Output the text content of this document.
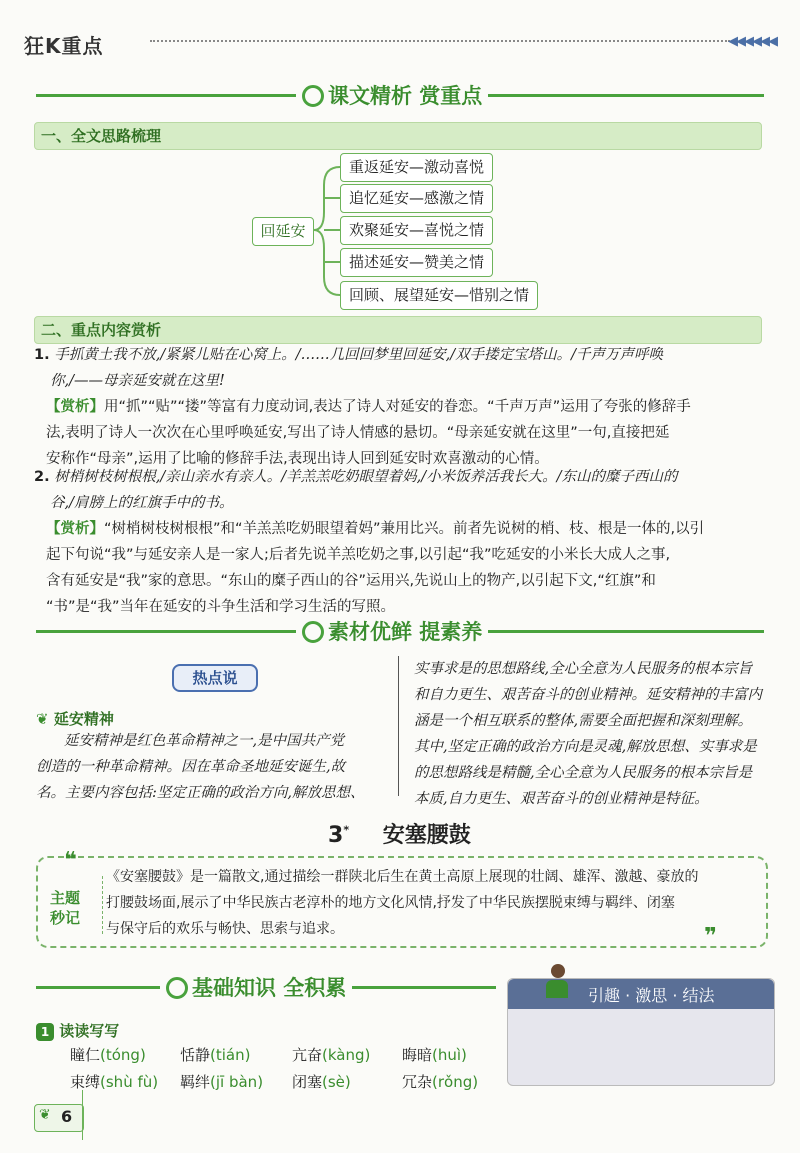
狂K重点	◀◀◀◀◀◀
课文精析 赏重点
一、全文思路梳理
回延安
重返延安—激动喜悦
追忆延安—感激之情
欢聚延安—喜悦之情
描述延安—赞美之情
回顾、展望延安—惜别之情
二、重点内容赏析
1. 手抓黄土我不放,/紧紧儿贴在心窝上。/……几回回梦里回延安,/双手搂定宝塔山。/千声万声呼唤
你,/——母亲延安就在这里!
【赏析】用“抓”“贴”“搂”等富有力度动词,表达了诗人对延安的眷恋。“千声万声”运用了夸张的修辞手
法,表明了诗人一次次在心里呼唤延安,写出了诗人情感的悬切。“母亲延安就在这里”一句,直接把延
安称作“母亲”,运用了比喻的修辞手法,表现出诗人回到延安时欢喜激动的心情。
2. 树梢树枝树根根,/亲山亲水有亲人。/羊羔羔吃奶眼望着妈,/小米饭养活我长大。/东山的糜子西山的
谷,/肩膀上的红旗手中的书。
【赏析】“树梢树枝树根根”和“羊羔羔吃奶眼望着妈”兼用比兴。前者先说树的梢、枝、根是一体的,以引
起下句说“我”与延安亲人是一家人;后者先说羊羔吃奶之事,以引起“我”吃延安的小米长大成人之事,
含有延安是“我”家的意思。“东山的糜子西山的谷”运用兴,先说山上的物产,以引起下文,“红旗”和
“书”是“我”当年在延安的斗争生活和学习生活的写照。
素材优鲜 提素养
热点说
❦ 延安精神
延安精神是红色革命精神之一,是中国共产党
创造的一种革命精神。因在革命圣地延安诞生,故
名。主要内容包括:坚定正确的政治方向,解放思想、
实事求是的思想路线,全心全意为人民服务的根本宗旨
和自力更生、艰苦奋斗的创业精神。延安精神的丰富内
涵是一个相互联系的整体,需要全面把握和深刻理解。
其中,坚定正确的政治方向是灵魂,解放思想、实事求是
的思想路线是精髓,全心全意为人民服务的根本宗旨是
本质,自力更生、艰苦奋斗的创业精神是特征。
3* 安塞腰鼓
❝
❞
主题
秒记
《安塞腰鼓》是一篇散文,通过描绘一群陕北后生在黄土高原上展现的壮阔、雄浑、激越、豪放的
打腰鼓场面,展示了中华民族古老淳朴的地方文化风情,抒发了中华民族摆脱束缚与羁绊、闭塞
与保守后的欢乐与畅快、思索与追求。
基础知识 全积累	引趣 · 激思 · 结法
1 读读写写
瞳仁(tóng)	恬静(tián)	亢奋(kàng)	晦暗(huì)
束缚(shù fù)	羁绊(jī bàn)	闭塞(sè)	冗杂(rǒng)
❦ 6
